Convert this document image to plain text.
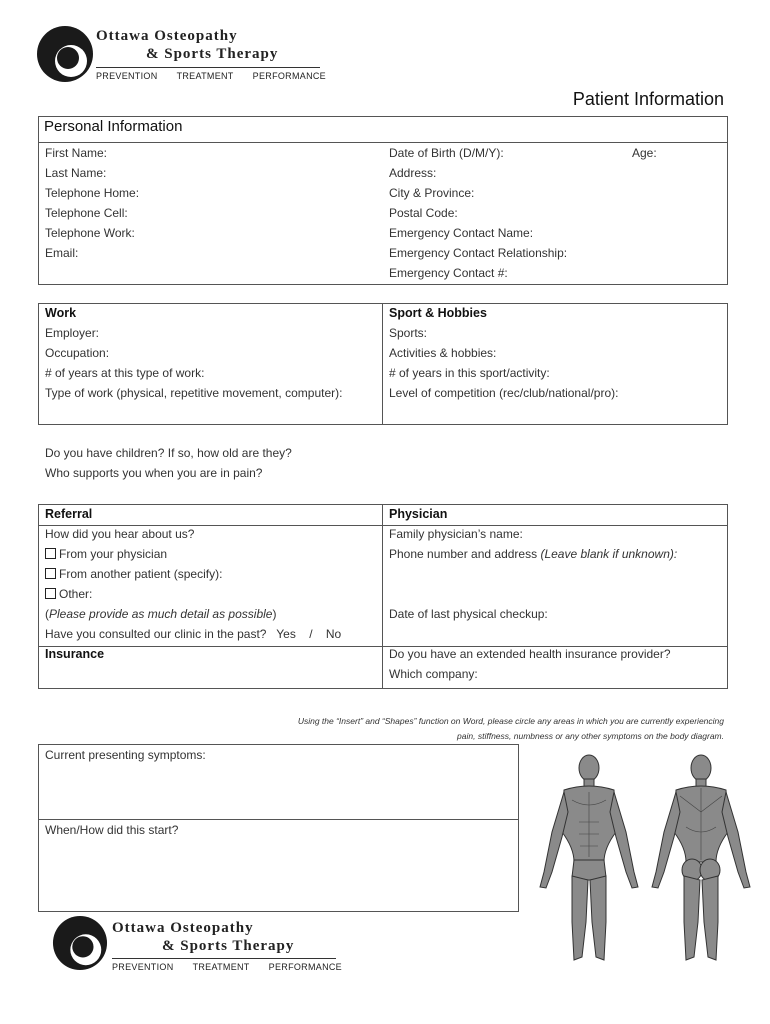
Ottawa Osteopathy
& Sports Therapy
PREVENTION TREATMENT PERFORMANCE
Patient Information
Personal Information
First Name:
Last Name:
Telephone Home:
Telephone Cell:
Telephone Work:
Email:
Date of Birth (D/M/Y):
Address:
City & Province:
Postal Code:
Emergency Contact Name:
Emergency Contact Relationship:
Emergency Contact #:
Age:
Work
Employer:
Occupation:
# of years at this type of work:
Type of work (physical, repetitive movement, computer):
Sport & Hobbies
Sports:
Activities & hobbies:
# of years in this sport/activity:
Level of competition (rec/club/national/pro):
Do you have children? If so, how old are they?
Who supports you when you are in pain?
Referral
How did you hear about us?
From your physician
From another patient (specify):
Other:
(Please provide as much detail as possible)
Have you consulted our clinic in the past? Yes / No
Insurance
Physician
Family physician’s name:
Phone number and address (Leave blank if unknown):
Date of last physical checkup:
Do you have an extended health insurance provider?
Which company:
Using the “Insert” and “Shapes” function on Word, please circle any areas in which you are currently experiencing
pain, stiffness, numbness or any other symptoms on the body diagram.
Current presenting symptoms:
When/How did this start?
Ottawa Osteopathy
& Sports Therapy
PREVENTION TREATMENT PERFORMANCE
